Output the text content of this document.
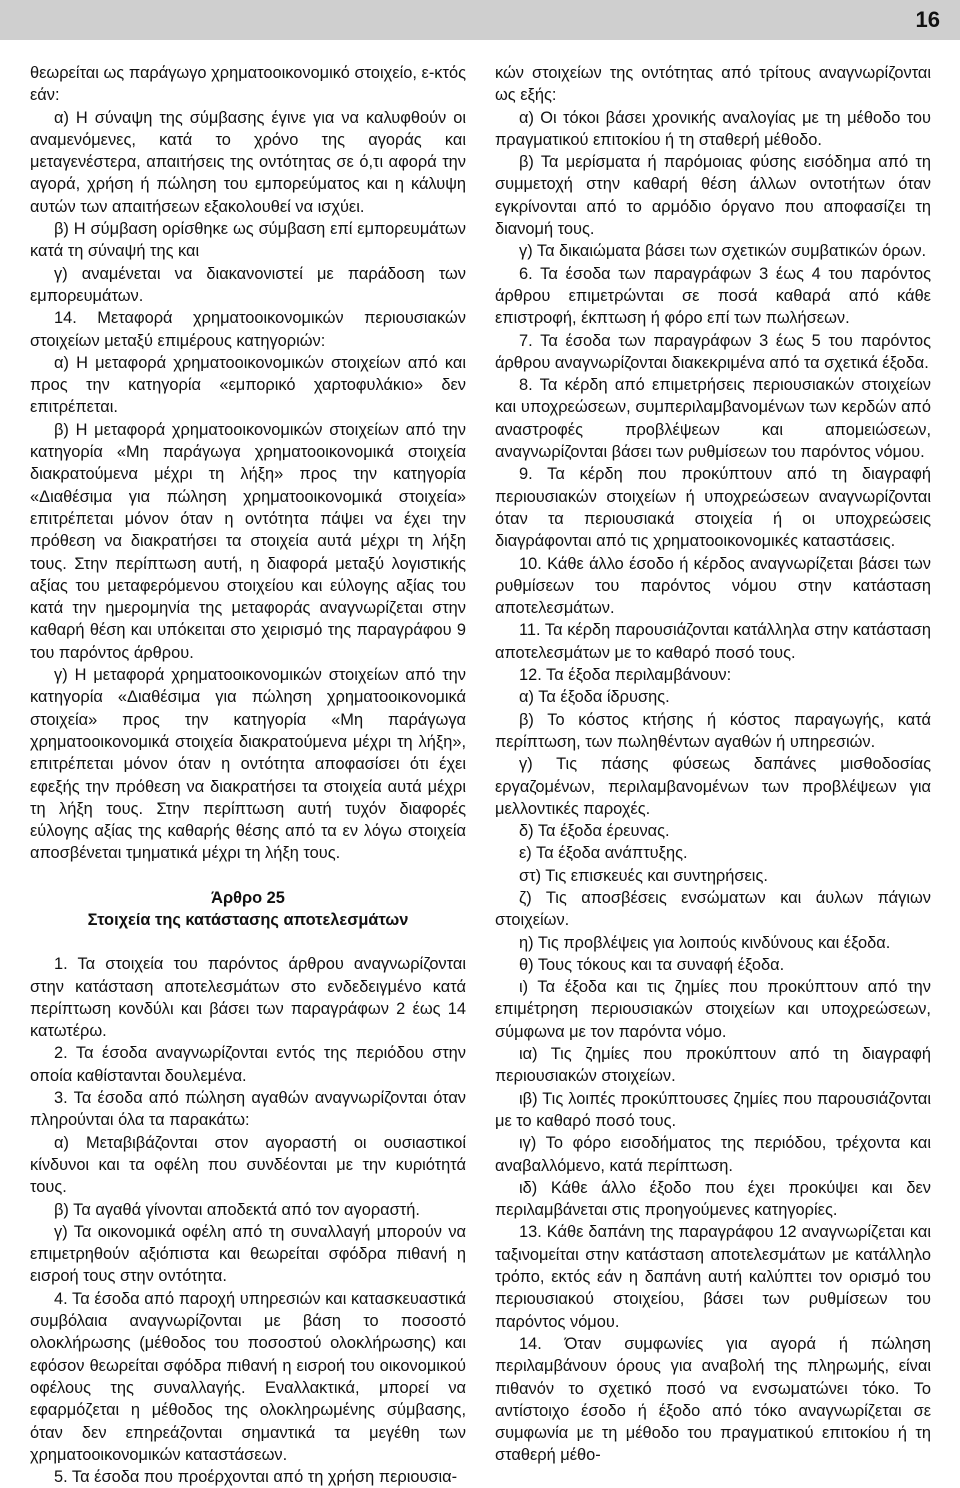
16

θεωρείται ως παράγωγο χρηματοοικονομικό στοιχείο, ε-κτός εάν:

α) Η σύναψη της σύμβασης έγινε για να καλυφθούν οι αναμενόμενες, κατά το χρόνο της αγοράς και μεταγενέστερα, απαιτήσεις της οντότητας σε ό,τι αφορά την αγορά, χρήση ή πώληση του εμπορεύματος και η κάλυψη αυτών των απαιτήσεων εξακολουθεί να ισχύει.

β) Η σύμβαση ορίσθηκε ως σύμβαση επί εμπορευμάτων κατά τη σύναψή της και

γ) αναμένεται να διακανονιστεί με παράδοση των εμπορευμάτων.

14. Μεταφορά χρηματοοικονομικών περιουσιακών στοιχείων μεταξύ επιμέρους κατηγοριών:

α) Η μεταφορά χρηματοοικονομικών στοιχείων από και προς την κατηγορία «εμπορικό χαρτοφυλάκιο» δεν επιτρέπεται.

β) Η μεταφορά χρηματοοικονομικών στοιχείων από την κατηγορία «Μη παράγωγα χρηματοοικονομικά στοιχεία διακρατούμενα μέχρι τη λήξη» προς την κατηγορία «Διαθέσιμα για πώληση χρηματοοικονομικά στοιχεία» επιτρέπεται μόνον όταν η οντότητα πάψει να έχει την πρόθεση να διακρατήσει τα στοιχεία αυτά μέχρι τη λήξη τους. Στην περίπτωση αυτή, η διαφορά μεταξύ λογιστικής αξίας του μεταφερόμενου στοιχείου και εύλογης αξίας του κατά την ημερομηνία της μεταφοράς αναγνωρίζεται στην καθαρή θέση και υπόκειται στο χειρισμό της παραγράφου 9 του παρόντος άρθρου.

γ) Η μεταφορά χρηματοοικονομικών στοιχείων από την κατηγορία «Διαθέσιμα για πώληση χρηματοοικονομικά στοιχεία» προς την κατηγορία «Μη παράγωγα χρηματοοικονομικά στοιχεία διακρατούμενα μέχρι τη λήξη», επιτρέπεται μόνον όταν η οντότητα αποφασίσει ότι έχει εφεξής την πρόθεση να διακρατήσει τα στοιχεία αυτά μέχρι τη λήξη τους. Στην περίπτωση αυτή τυχόν διαφορές εύλογης αξίας της καθαρής θέσης από τα εν λόγω στοιχεία αποσβένεται τμηματικά μέχρι τη λήξη τους.

Άρθρο 25

Στοιχεία της κατάστασης αποτελεσμάτων

1. Τα στοιχεία του παρόντος άρθρου αναγνωρίζονται στην κατάσταση αποτελεσμάτων στο ενδεδειγμένο κατά περίπτωση κονδύλι και βάσει των παραγράφων 2 έως 14 κατωτέρω.

2. Τα έσοδα αναγνωρίζονται εντός της περιόδου στην οποία καθίστανται δουλεμένα.

3. Τα έσοδα από πώληση αγαθών αναγνωρίζονται όταν πληρούνται όλα τα παρακάτω:

α) Μεταβιβάζονται στον αγοραστή οι ουσιαστικοί κίνδυνοι και τα οφέλη που συνδέονται με την κυριότητά τους.

β) Τα αγαθά γίνονται αποδεκτά από τον αγοραστή.

γ) Τα οικονομικά οφέλη από τη συναλλαγή μπορούν να επιμετρηθούν αξιόπιστα και θεωρείται σφόδρα πιθανή η εισροή τους στην οντότητα.

4. Τα έσοδα από παροχή υπηρεσιών και κατασκευαστικά συμβόλαια αναγνωρίζονται με βάση το ποσοστό ολοκλήρωσης (μέθοδος του ποσοστού ολοκλήρωσης) και εφόσον θεωρείται σφόδρα πιθανή η εισροή του οικονομικού οφέλους της συναλλαγής. Εναλλακτικά, μπορεί να εφαρμόζεται η μέθοδος της ολοκληρωμένης σύμβασης, όταν δεν επηρεάζονται σημαντικά τα μεγέθη των χρηματοοικονομικών καταστάσεων.

5. Τα έσοδα που προέρχονται από τη χρήση περιουσια-

κών στοιχείων της οντότητας από τρίτους αναγνωρίζονται ως εξής:

α) Οι τόκοι βάσει χρονικής αναλογίας με τη μέθοδο του πραγματικού επιτοκίου ή τη σταθερή μέθοδο.

β) Τα μερίσματα ή παρόμοιας φύσης εισόδημα από τη συμμετοχή στην καθαρή θέση άλλων οντοτήτων όταν εγκρίνονται από το αρμόδιο όργανο που αποφασίζει τη διανομή τους.

γ) Τα δικαιώματα βάσει των σχετικών συμβατικών όρων.

6. Τα έσοδα των παραγράφων 3 έως 4 του παρόντος άρθρου επιμετρώνται σε ποσά καθαρά από κάθε επιστροφή, έκπτωση ή φόρο επί των πωλήσεων.

7. Τα έσοδα των παραγράφων 3 έως 5 του παρόντος άρθρου αναγνωρίζονται διακεκριμένα από τα σχετικά έξοδα.

8. Τα κέρδη από επιμετρήσεις περιουσιακών στοιχείων και υποχρεώσεων, συμπεριλαμβανομένων των κερδών από αναστροφές προβλέψεων και απομειώσεων, αναγνωρίζονται βάσει των ρυθμίσεων του παρόντος νόμου.

9. Τα κέρδη που προκύπτουν από τη διαγραφή περιουσιακών στοιχείων ή υποχρεώσεων αναγνωρίζονται όταν τα περιουσιακά στοιχεία ή οι υποχρεώσεις διαγράφονται από τις χρηματοοικονομικές καταστάσεις.

10. Κάθε άλλο έσοδο ή κέρδος αναγνωρίζεται βάσει των ρυθμίσεων του παρόντος νόμου στην κατάσταση αποτελεσμάτων.

11. Τα κέρδη παρουσιάζονται κατάλληλα στην κατάσταση αποτελεσμάτων με το καθαρό ποσό τους.

12. Τα έξοδα περιλαμβάνουν:

α) Τα έξοδα ίδρυσης.

β) Το κόστος κτήσης ή κόστος παραγωγής, κατά περίπτωση, των πωληθέντων αγαθών ή υπηρεσιών.

γ) Τις πάσης φύσεως δαπάνες μισθοδοσίας εργαζομένων, περιλαμβανομένων των προβλέψεων για μελλοντικές παροχές.

δ) Τα έξοδα έρευνας.

ε) Τα έξοδα ανάπτυξης.

στ) Τις επισκευές και συντηρήσεις.

ζ) Τις αποσβέσεις ενσώματων και άυλων πάγιων στοιχείων.

η) Τις προβλέψεις για λοιπούς κινδύνους και έξοδα.

θ) Τους τόκους και τα συναφή έξοδα.

ι) Τα έξοδα και τις ζημίες που προκύπτουν από την επιμέτρηση περιουσιακών στοιχείων και υποχρεώσεων, σύμφωνα με τον παρόντα νόμο.

ια) Τις ζημίες που προκύπτουν από τη διαγραφή περιουσιακών στοιχείων.

ιβ) Τις λοιπές προκύπτουσες ζημίες που παρουσιάζονται με το καθαρό ποσό τους.

ιγ) Το φόρο εισοδήματος της περιόδου, τρέχοντα και αναβαλλόμενο, κατά περίπτωση.

ιδ) Κάθε άλλο έξοδο που έχει προκύψει και δεν περιλαμβάνεται στις προηγούμενες κατηγορίες.

13. Κάθε δαπάνη της παραγράφου 12 αναγνωρίζεται και ταξινομείται στην κατάσταση αποτελεσμάτων με κατάλληλο τρόπο, εκτός εάν η δαπάνη αυτή καλύπτει τον ορισμό του περιουσιακού στοιχείου, βάσει των ρυθμίσεων του παρόντος νόμου.

14. Όταν συμφωνίες για αγορά ή πώληση περιλαμβάνουν όρους για αναβολή της πληρωμής, είναι πιθανόν το σχετικό ποσό να ενσωματώνει τόκο. Το αντίστοιχο έσοδο ή έξοδο από τόκο αναγνωρίζεται σε συμφωνία με τη μέθοδο του πραγματικού επιτοκίου ή τη σταθερή μέθο-
